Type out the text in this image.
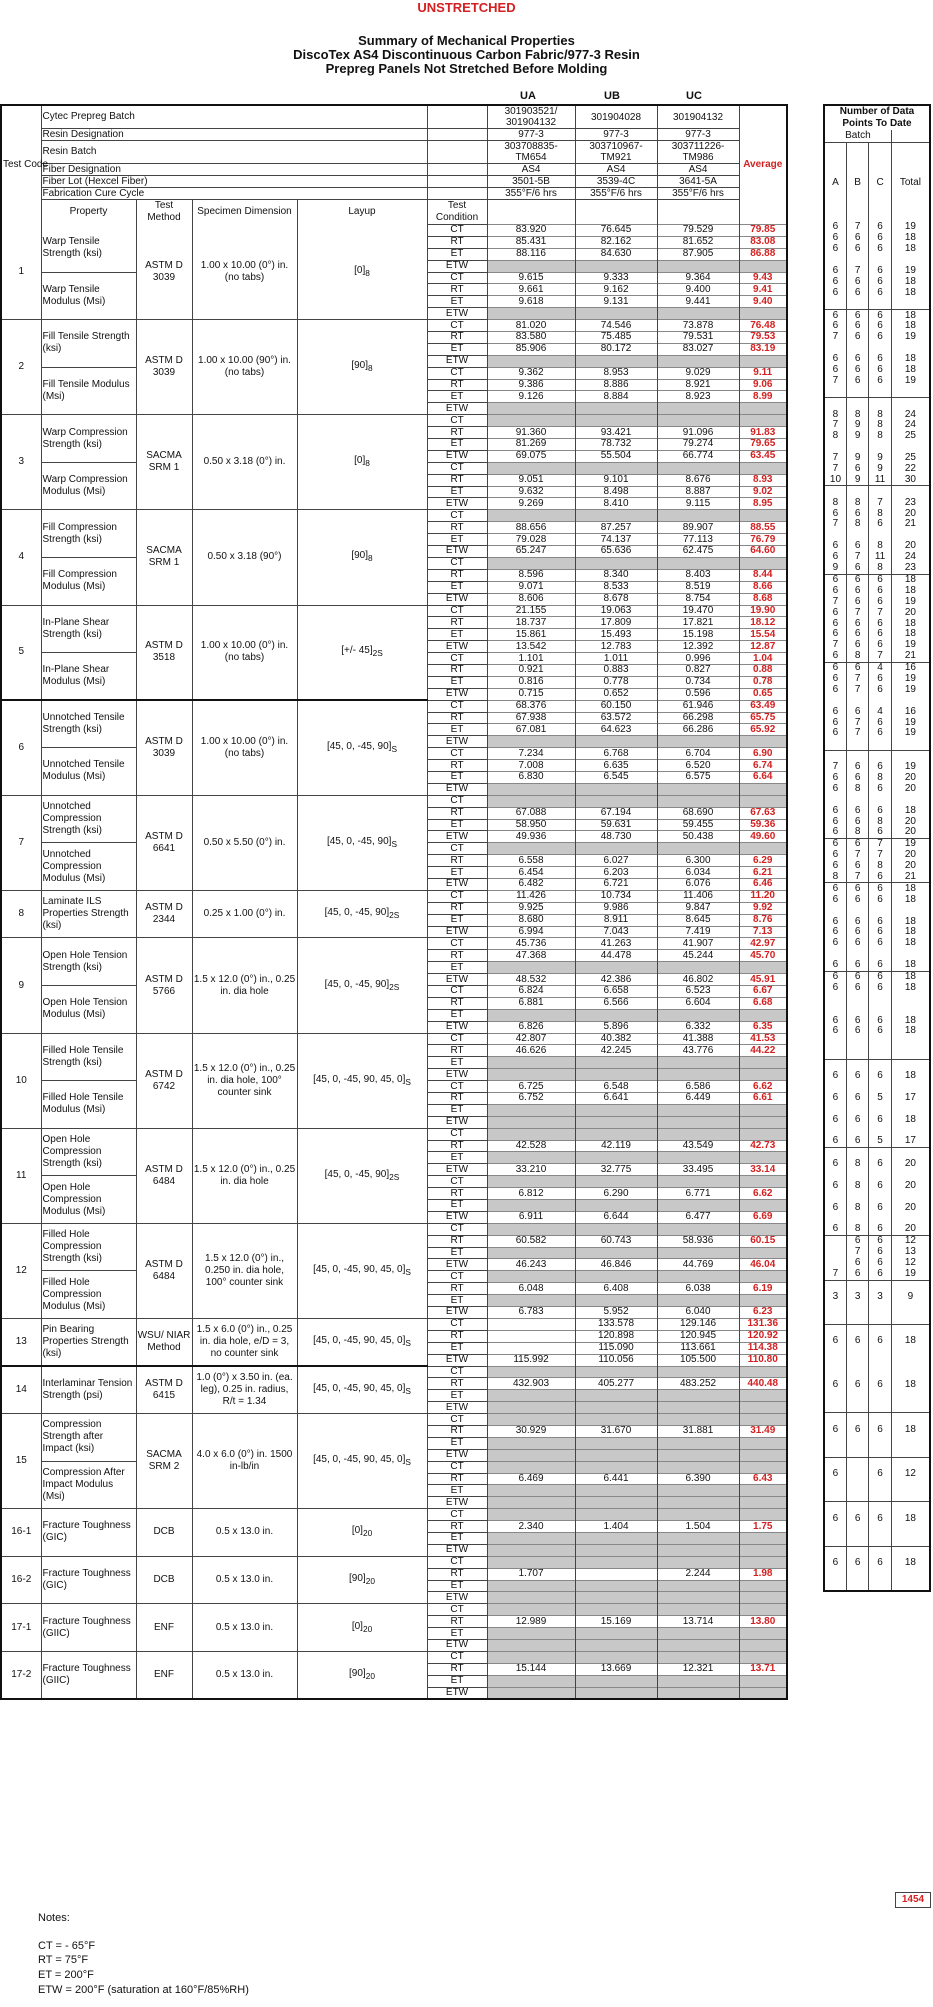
UNSTRETCHED
Summary of Mechanical Properties
DiscoTex AS4 Discontinuous Carbon Fabric/977-3 Resin
Prepreg Panels Not Stretched Before Molding
UA	UB	UC
Test Code	Cytec Prepreg Batch					301903521/ 301904132	301904028	301904132	Average
	Resin Designation					977-3	977-3	977-3	
	Resin Batch					303708835- TM654	303710967- TM921	303711226- TM986	
	Fiber Designation					AS4	AS4	AS4	
	Fiber Lot (Hexcel Fiber)					3501-5B	3539-4C	3641-5A	
	Fabrication Cure Cycle					355°F/6 hrs	355°F/6 hrs	355°F/6 hrs	
	Property	Test Method	Specimen Dimension	Layup	Test Condition				
1	Warp Tensile Strength (ksi)	ASTM D 3039	1.00 x 10.00 (0°) in. (no tabs)	$[0]_8$	CT	83.920	76.645	79.529	79.85
					RT	85.431	82.162	81.652	83.08
					ET	88.116	84.630	87.905	86.88
					ETW				
	Warp Tensile Modulus (Msi)				CT	9.615	9.333	9.364	9.43
					RT	9.661	9.162	9.400	9.41
					ET	9.618	9.131	9.441	9.40
					ETW				
2	Fill Tensile Strength (ksi)	ASTM D 3039	1.00 x 10.00 (90°) in. (no tabs)	$[90]_8$	CT	81.020	74.546	73.878	76.48
					RT	83.580	75.485	79.531	79.53
					ET	85.906	80.172	83.027	83.19
					ETW				
	Fill Tensile Modulus (Msi)				CT	9.362	8.953	9.029	9.11
					RT	9.386	8.886	8.921	9.06
					ET	9.126	8.884	8.923	8.99
					ETW				
3	Warp Compression Strength (ksi)	SACMA SRM 1	0.50 x 3.18 (0°) in.	$[0]_8$	CT				
					RT	91.360	93.421	91.096	91.83
					ET	81.269	78.732	79.274	79.65
					ETW	69.075	55.504	66.774	63.45
	Warp Compression Modulus (Msi)				CT				
					RT	9.051	9.101	8.676	8.93
					ET	9.632	8.498	8.887	9.02
					ETW	9.269	8.410	9.115	8.95
4	Fill Compression Strength (ksi)	SACMA SRM 1	0.50 x 3.18 (90°)	$[90]_8$	CT				
					RT	88.656	87.257	89.907	88.55
					ET	79.028	74.137	77.113	76.79
					ETW	65.247	65.636	62.475	64.60
	Fill Compression Modulus (Msi)				CT				
					RT	8.596	8.340	8.403	8.44
					ET	9.071	8.533	8.519	8.66
					ETW	8.606	8.678	8.754	8.68
5	In-Plane Shear Strength (ksi)	ASTM D 3518	1.00 x 10.00 (0°) in. (no tabs)	[+/- $45]_{2S}$	CT	21.155	19.063	19.470	19.90
					RT	18.737	17.809	17.821	18.12
					ET	15.861	15.493	15.198	15.54
					ETW	13.542	12.783	12.392	12.87
	In-Plane Shear Modulus (Msi)				CT	1.101	1.011	0.996	1.04
					RT	0.921	0.883	0.827	0.88
					ET	0.816	0.778	0.734	0.78
					ETW	0.715	0.652	0.596	0.65
6	Unnotched Tensile Strength (ksi)	ASTM D 3039	1.00 x 10.00 (0°) in. (no tabs)	[45, 0, -45, $90]_S$	CT	68.376	60.150	61.946	63.49
					RT	67.938	63.572	66.298	65.75
					ET	67.081	64.623	66.286	65.92
					ETW				
	Unnotched Tensile Modulus (Msi)				CT	7.234	6.768	6.704	6.90
					RT	7.008	6.635	6.520	6.74
					ET	6.830	6.545	6.575	6.64
					ETW				
7	Unnotched Compression Strength (ksi)	ASTM D 6641	0.50 x 5.50 (0°) in.	[45, 0, -45, $90]_S$	CT				
					RT	67.088	67.194	68.690	67.63
					ET	58.950	59.631	59.455	59.36
					ETW	49.936	48.730	50.438	49.60
	Unnotched Compression Modulus (Msi)				CT				
					RT	6.558	6.027	6.300	6.29
					ET	6.454	6.203	6.034	6.21
					ETW	6.482	6.721	6.076	6.46
8	Laminate ILS Properties Strength (ksi)	ASTM D 2344	0.25 x 1.00 (0°) in.	[45, 0, -45, $90]_{2S}$	CT	11.426	10.734	11.406	11.20
					RT	9.925	9.986	9.847	9.92
					ET	8.680	8.911	8.645	8.76
					ETW	6.994	7.043	7.419	7.13
9	Open Hole Tension Strength (ksi)	ASTM D 5766	1.5 x 12.0 (0°) in., 0.25 in. dia hole	[45, 0, -45, $90]_{2S}$	CT	45.736	41.263	41.907	42.97
					RT	47.368	44.478	45.244	45.70
					ET				
					ETW	48.532	42.386	46.802	45.91
	Open Hole Tension Modulus (Msi)				CT	6.824	6.658	6.523	6.67
					RT	6.881	6.566	6.604	6.68
					ET				
					ETW	6.826	5.896	6.332	6.35
10	Filled Hole Tensile Strength (ksi)	ASTM D 6742	1.5 x 12.0 (0°) in., 0.25 in. dia hole, 100° counter sink	[45, 0, -45, 90, 45, $0]_S$	CT	42.807	40.382	41.388	41.53
					RT	46.626	42.245	43.776	44.22
					ET				
					ETW				
	Filled Hole Tensile Modulus (Msi)				CT	6.725	6.548	6.586	6.62
					RT	6.752	6.641	6.449	6.61
					ET				
					ETW				
11	Open Hole Compression Strength (ksi)	ASTM D 6484	1.5 x 12.0 (0°) in., 0.25 in. dia hole	[45, 0, -45, $90]_{2S}$	CT				
					RT	42.528	42.119	43.549	42.73
					ET				
					ETW	33.210	32.775	33.495	33.14
	Open Hole Compression Modulus (Msi)				CT				
					RT	6.812	6.290	6.771	6.62
					ET				
					ETW	6.911	6.644	6.477	6.69
12	Filled Hole Compression Strength (ksi)	ASTM D 6484	1.5 x 12.0 (0°) in., 0.250 in. dia hole, 100° counter sink	[45, 0, -45, 90, 45, $0]_S$	CT				
					RT	60.582	60.743	58.936	60.15
					ET				
					ETW	46.243	46.846	44.769	46.04
	Filled Hole Compression Modulus (Msi)				CT				
					RT	6.048	6.408	6.038	6.19
					ET				
					ETW	6.783	5.952	6.040	6.23
13	Pin Bearing Properties Strength (ksi)	WSU/ NIAR Method	1.5 x 6.0 (0°) in., 0.25 in. dia hole, e/D = 3, no counter sink	[45, 0, -45, 90, 45, $0]_S$	CT		133.578	129.146	131.36
					RT		120.898	120.945	120.92
					ET		115.090	113.661	114.38
					ETW	115.992	110.056	105.500	110.80
14	Interlaminar Tension Strength (psi)	ASTM D 6415	1.0 (0°) x 3.50 in. (ea. leg), 0.25 in. radius, R/t = 1.34	[45, 0, -45, 90, 45, $0]_S$	CT				
					RT	432.903	405.277	483.252	440.48
					ET				
					ETW				
15	Compression Strength after Impact (ksi)	SACMA SRM 2	4.0 x 6.0 (0°) in. 1500 in-lb/in	[45, 0, -45, 90, 45, $0]_S$	CT				
					RT	30.929	31.670	31.881	31.49
					ET				
					ETW				
	Compression After Impact Modulus (Msi)				CT				
					RT	6.469	6.441	6.390	6.43
					ET				
					ETW				
16-1	Fracture Toughness (GIC)	DCB	0.5 x 13.0 in.	$[0]_{20}$	CT				
					RT	2.340	1.404	1.504	1.75
					ET				
					ETW				
16-2	Fracture Toughness (GIC)	DCB	0.5 x 13.0 in.	$[90]_{20}$	CT				
					RT	1.707		2.244	1.98
					ET				
					ETW				
17-1	Fracture Toughness (GIIC)	ENF	0.5 x 13.0 in.	$[0]_{20}$	CT				
					RT	12.989	15.169	13.714	13.80
					ET				
					ETW				
17-2	Fracture Toughness (GIIC)	ENF	0.5 x 13.0 in.	$[90]_{20}$	CT				
					RT	15.144	13.669	12.321	13.71
					ET				
					ETW				
Number of Data Points To Date			
Batch			
A	B	C	Total
6	7	6	19
6	6	6	18
6	6	6	18

6	7	6	19
6	6	6	18
6	6	6	18

6	6	6	18
6	6	6	18
7	6	6	19

6	6	6	18
6	6	6	18
7	6	6	19

8	8	8	24
7	9	8	24
8	9	8	25

7	9	9	25
7	6	9	22
10	9	11	30

8	8	7	23
6	6	8	20
7	8	6	21

6	6	8	20
6	7	11	24
9	6	8	23
6	6	6	18
6	6	6	18
7	6	6	19
6	7	7	20
6	6	6	18
6	6	6	18
7	6	6	19
6	8	7	21
6	6	4	16
6	7	6	19
6	7	6	19

6	6	4	16
6	7	6	19
6	7	6	19

7	6	6	19
6	6	8	20
6	8	6	20

6	6	6	18
6	6	8	20
6	8	6	20
6	6	7	19
6	7	7	20
6	6	8	20
8	7	6	21
6	6	6	18
6	6	6	18

6	6	6	18
6	6	6	18
6	6	6	18

6	6	6	18
6	6	6	18
6	6	6	18

6	6	6	18
6	6	6	18

6	6	6	18

6	6	5	17

6	6	6	18

6	6	5	17

6	8	6	20

6	8	6	20

6	8	6	20

6	8	6	20
	6	6	12
	7	6	13
	6	6	12
7	6	6	19

3	3	3	9

6	6	6	18

6	6	6	18

6	6	6	18

6		6	12

6	6	6	18

6	6	6	18

1454
Notes:
CT = - 65°F
RT = 75°F
ET = 200°F
ETW = 200°F (saturation at 160°F/85%RH)
